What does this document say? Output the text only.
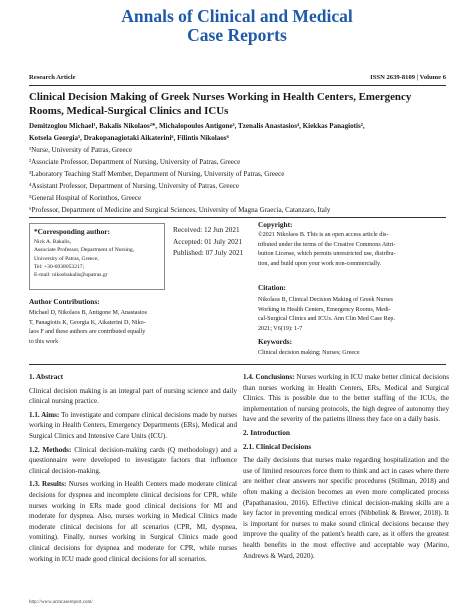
Annals of Clinical and Medical
Case Reports
Research Article	ISSN 2639-8109 | Volume 6
Clinical Decision Making of Greek Nurses Working in Health Centers, Emergency
Rooms, Medical-Surgical Clinics and ICUs
Demitzoglou Michael¹, Bakalis Nikolaos²*, Michalopoulos Antigone³, Tzenalis Anastasios⁴, Kiekkas Panagiotis²,
Kotsela Georgia⁵, Drakopanagiotaki Aikaterini⁶, Filintis Nikolaos⁶
¹Nurse, University of Patras, Greece
²Associate Professor, Department of Nursing, University of Patras, Greece
³Laboratory Teaching Staff Member, Department of Nursing, University of Patras, Greece
⁴Assistant Professor, Department of Nursing, University of Patras, Greece
⁵General Hospital of Korinthos, Greece
⁶Professor, Department of Medicine and Surgical Sciences, University of Magna Graecia, Catanzaro, Italy
*Corresponding author:
Nick A. Bakalis,
Associate Professor, Department of Nursing,
University of Patras, Greece,
Tel: +30-6938053217;
E-mail: nikosbakalis@upatras.gr
Received: 12 Jun 2021
Accepted: 01 July 2021
Published: 07 July 2021
Copyright:
©2021 Nikolaos B. This is an open access article dis-
tributed under the terms of the Creative Commons Attri-
bution License, which permits unrestricted use, distribu-
tion, and build upon your work non-commercially.
Author Contributions:
Michael D, Nikolaos B, Antigone M, Anastasios
T, Panagiotis K, Georgia K, Aikaterini D, Niko-
laos F and these authors are contributed equally
to this work
Citation:
Nikolaos B, Clinical Decision Making of Greek Nurses
Working in Health Centers, Emergency Rooms, Medi-
cal-Surgical Clinics and ICUs. Ann Clin Med Case Rep.
2021; V6(19): 1-7
Keywords:
Clinical decision making; Nurses; Greece
1. Abstract

Clinical decision making is an integral part of nursing science and daily clinical nursing practice.

1.1. Aims: To investigate and compare clinical decisions made by nurses working in Health Centers, Emergency Departments (ERs), Medical and Surgical Clinics and Intensive Care Units (ICU).

1.2. Methods: Clinical decision-making cards (Q methodology) and a questionnaire were developed to investigate factors that influence clinical decision-making.

1.3. Results: Nurses working in Health Centers made moderate clinical decisions for dyspnea and incomplete clinical decisions for CPR, while nurses working in ERs made good clinical decisions for MI and moderate for dyspnea. Also, nurses working in Medical Clinics made moderate clinical decisions for all scenarios (CPR, MI, dyspnea, vomiting). Finally, nurses working in Surgical Clinics made good clinical decisions for dyspnea and moderate for CPR, while nurses working in ICU made good clinical decisions for all scenarios.

1.4. Conclusions: Nurses working in ICU make better clinical decisions than nurses working in Health Centers, ERs, Medical and Surgical Clinics. This is possible due to the better staffing of the ICUs, the implementation of nursing protocols, the high degree of autonomy they have and the severity of the patietns illness they face on a daily basis.

2. Introduction
2.1. Clinical Decisions

The daily decisions that nurses make regarding hospitalization and the use of limited resources force them to think and act in cases where there are neither clear answers nor specific procedures (Stillman, 2018) and often making a decision becomes an even more complicated process (Papathanasiou, 2016). Effective clinical decision-making skills are a key factor in preventing medical errors (Nibbelink & Brewer, 2018). It is important for nurses to make sound clinical decisions because they improve the quality of the patient's health care, as it offers the greatest health benefits in the most effective and acceptable way (Marino, Andrews & Ward, 2020).

http://www.acmcasereport.com/
